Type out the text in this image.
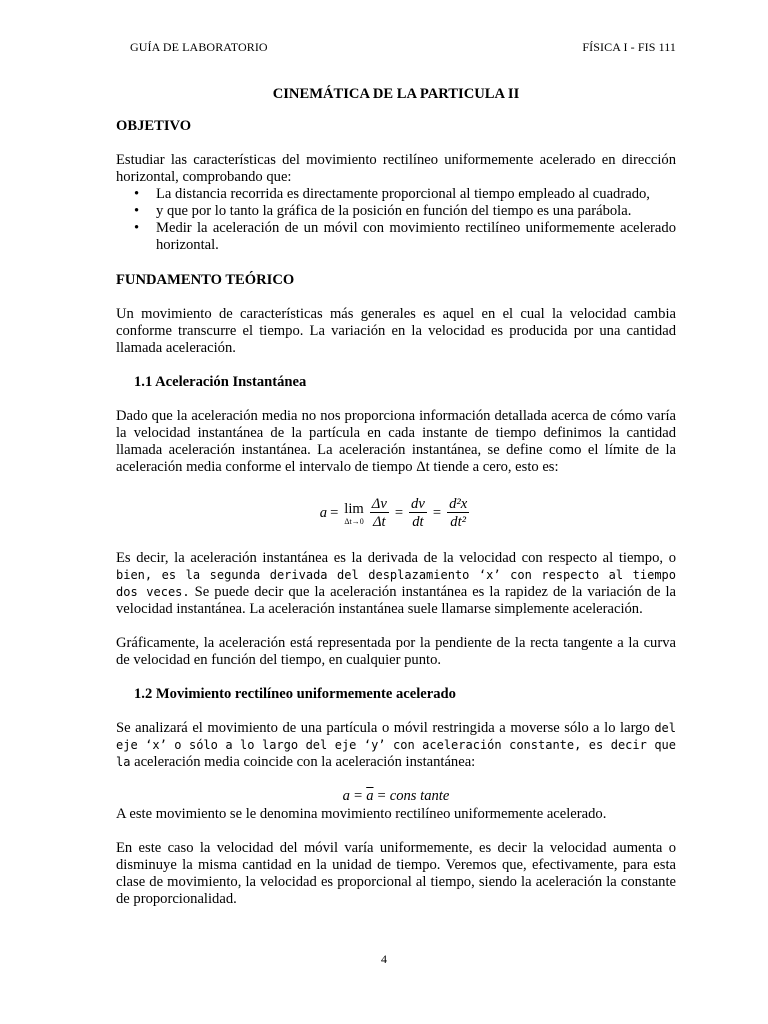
GUÍA DE LABORATORIO	FÍSICA I - FIS 111
CINEMÁTICA DE LA PARTICULA II
OBJETIVO

Estudiar las características del movimiento rectilíneo uniformemente acelerado en dirección horizontal, comprobando que:

• La distancia recorrida es directamente proporcional al tiempo empleado al cuadrado,
• y que por lo tanto la gráfica de la posición en función del tiempo es una parábola.
• Medir la aceleración de un móvil con movimiento rectilíneo uniformemente acelerado horizontal.
FUNDAMENTO TEÓRICO

Un movimiento de características más generales es aquel en el cual la velocidad cambia conforme transcurre el tiempo. La variación en la velocidad es producida por una cantidad llamada aceleración.

1.1 Aceleración Instantánea

Dado que la aceleración media no nos proporciona información detallada acerca de cómo varía la velocidad instantánea de la partícula en cada instante de tiempo definimos la cantidad llamada aceleración instantánea. La aceleración instantánea, se define como el límite de la aceleración media conforme el intervalo de tiempo Δt tiende a cero, esto es:

a = lim
$\Delta t\to 0 \frac{\Delta v}{\Delta t} = \frac{dv}{dt} = \frac{\text{d²x}}{\text{dt²}}$

Es decir, la aceleración instantánea es la derivada de la velocidad con respecto al tiempo, o bien, es la segunda derivada del desplazamiento ‘x’ con respecto al tiempo dos veces. Se puede decir que la aceleración instantánea es la rapidez de la variación de la velocidad instantánea. La aceleración instantánea suele llamarse simplemente aceleración.

Gráficamente, la aceleración está representada por la pendiente de la recta tangente a la curva de velocidad en función del tiempo, en cualquier punto.

1.2 Movimiento rectilíneo uniformemente acelerado

Se analizará el movimiento de una partícula o móvil restringida a moverse sólo a lo largo del eje ‘x’ o sólo a lo largo del eje ‘y’ con aceleración constante, es decir que la aceleración media coincide con la aceleración instantánea:

$a = \overline{a}$ = cons tante

A este movimiento se le denomina movimiento rectilíneo uniformemente acelerado.

En este caso la velocidad del móvil varía uniformemente, es decir la velocidad aumenta o disminuye la misma cantidad en la unidad de tiempo. Veremos que, efectivamente, para esta clase de movimiento, la velocidad es proporcional al tiempo, siendo la aceleración la constante de proporcionalidad.

4
